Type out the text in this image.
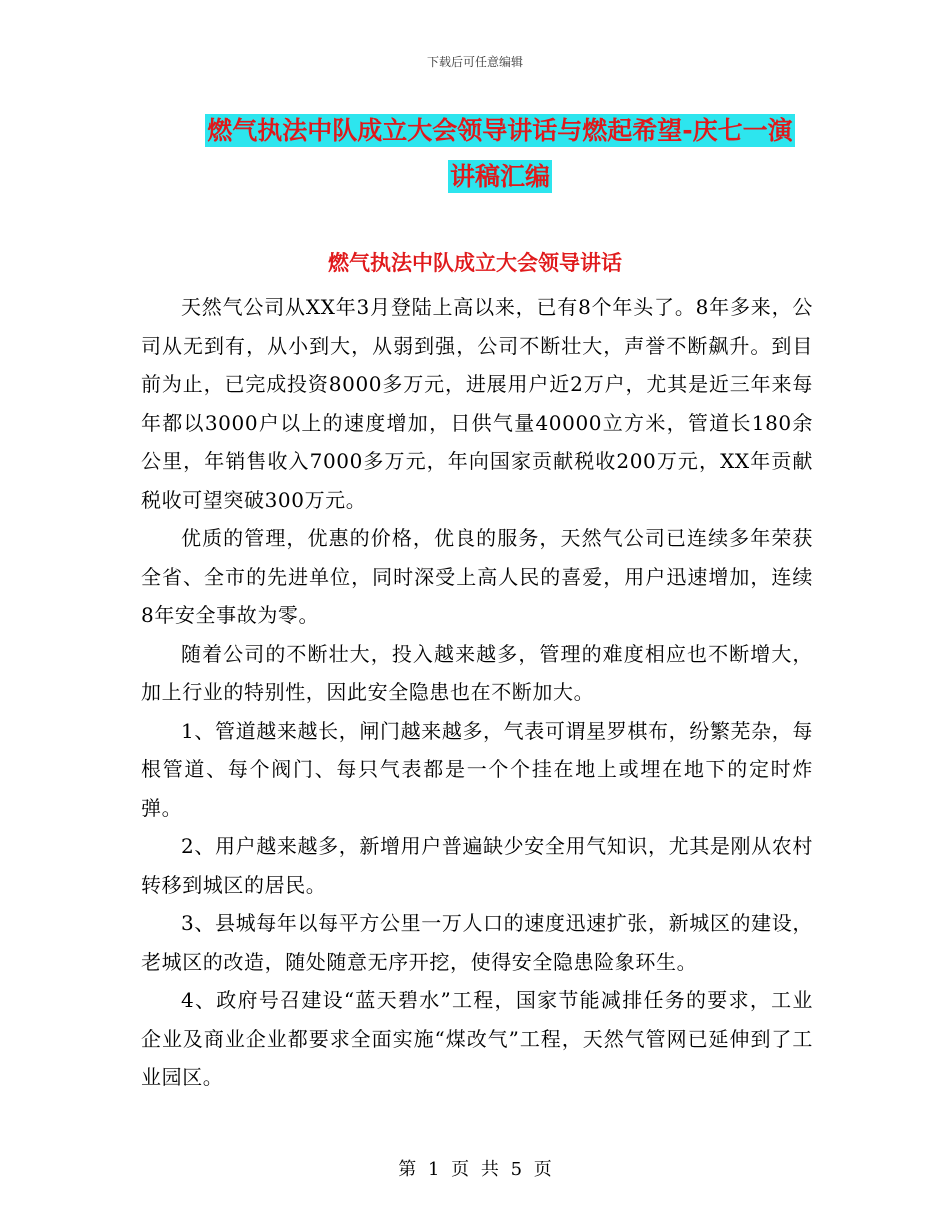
下载后可任意编辑
燃气执法中队成立大会领导讲话与燃起希望-庆七一演
讲稿汇编
燃气执法中队成立大会领导讲话

天然气公司从XX年3月登陆上高以来，已有8个年头了。8年多来，公司从无到有，从小到大，从弱到强，公司不断壮大，声誉不断飙升。到目前为止，已完成投资8000多万元，进展用户近2万户，尤其是近三年来每年都以3000户以上的速度增加，日供气量40000立方米，管道长180余公里，年销售收入7000多万元，年向国家贡献税收200万元，XX年贡献税收可望突破300万元。

优质的管理，优惠的价格，优良的服务，天然气公司已连续多年荣获全省、全市的先进单位，同时深受上高人民的喜爱，用户迅速增加，连续8年安全事故为零。

随着公司的不断壮大，投入越来越多，管理的难度相应也不断增大，加上行业的特别性，因此安全隐患也在不断加大。

1、管道越来越长，闸门越来越多，气表可谓星罗棋布，纷繁芜杂，每根管道、每个阀门、每只气表都是一个个挂在地上或埋在地下的定时炸弹。

2、用户越来越多，新增用户普遍缺少安全用气知识，尤其是刚从农村转移到城区的居民。

3、县城每年以每平方公里一万人口的速度迅速扩张，新城区的建设，老城区的改造，随处随意无序开挖，使得安全隐患险象环生。

4、政府号召建设“蓝天碧水”工程，国家节能减排任务的要求，工业企业及商业企业都要求全面实施“煤改气”工程，天然气管网已延伸到了工业园区。

第 1 页 共 5 页
